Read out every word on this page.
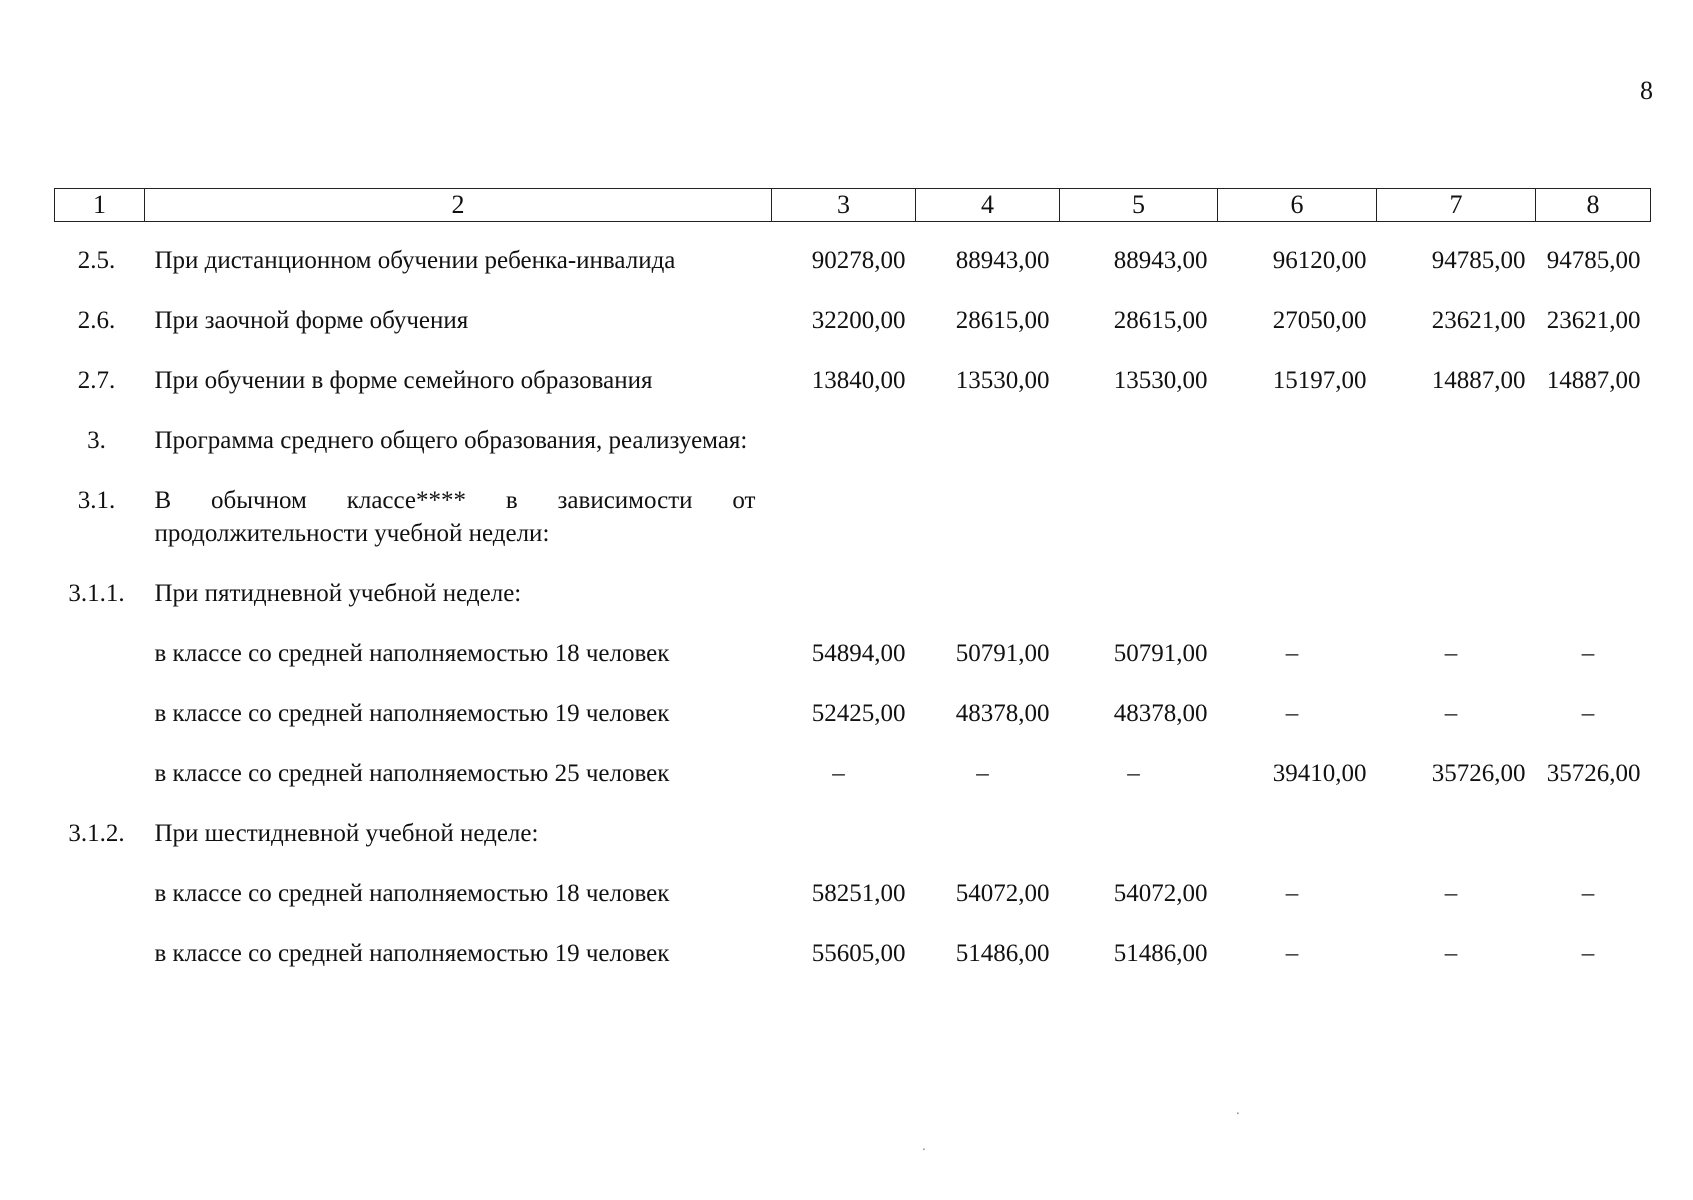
8
1	2	3	4	5	6	7	8
2.5.	При дистанционном обучении ребенка-инвалида	90278,00	88943,00	88943,00	96120,00	94785,00	94785,00
2.6.	При заочной форме обучения	32200,00	28615,00	28615,00	27050,00	23621,00	23621,00
2.7.	При обучении в форме семейного образования	13840,00	13530,00	13530,00	15197,00	14887,00	14887,00
3.	Программа среднего общего образования, реализуемая:						
3.1.	В обычном классе**** в зависимости от продолжительности учебной недели:						
3.1.1.	При пятидневной учебной неделе:						
	в классе со средней наполняемостью 18 человек	54894,00	50791,00	50791,00	–	–	–
	в классе со средней наполняемостью 19 человек	52425,00	48378,00	48378,00	–	–	–
	в классе со средней наполняемостью 25 человек	–	–	–	39410,00	35726,00	35726,00
3.1.2.	При шестидневной учебной неделе:						
	в классе со средней наполняемостью 18 человек	58251,00	54072,00	54072,00	–	–	–
	в классе со средней наполняемостью 19 человек	55605,00	51486,00	51486,00	–	–	–
⸱
⸱
